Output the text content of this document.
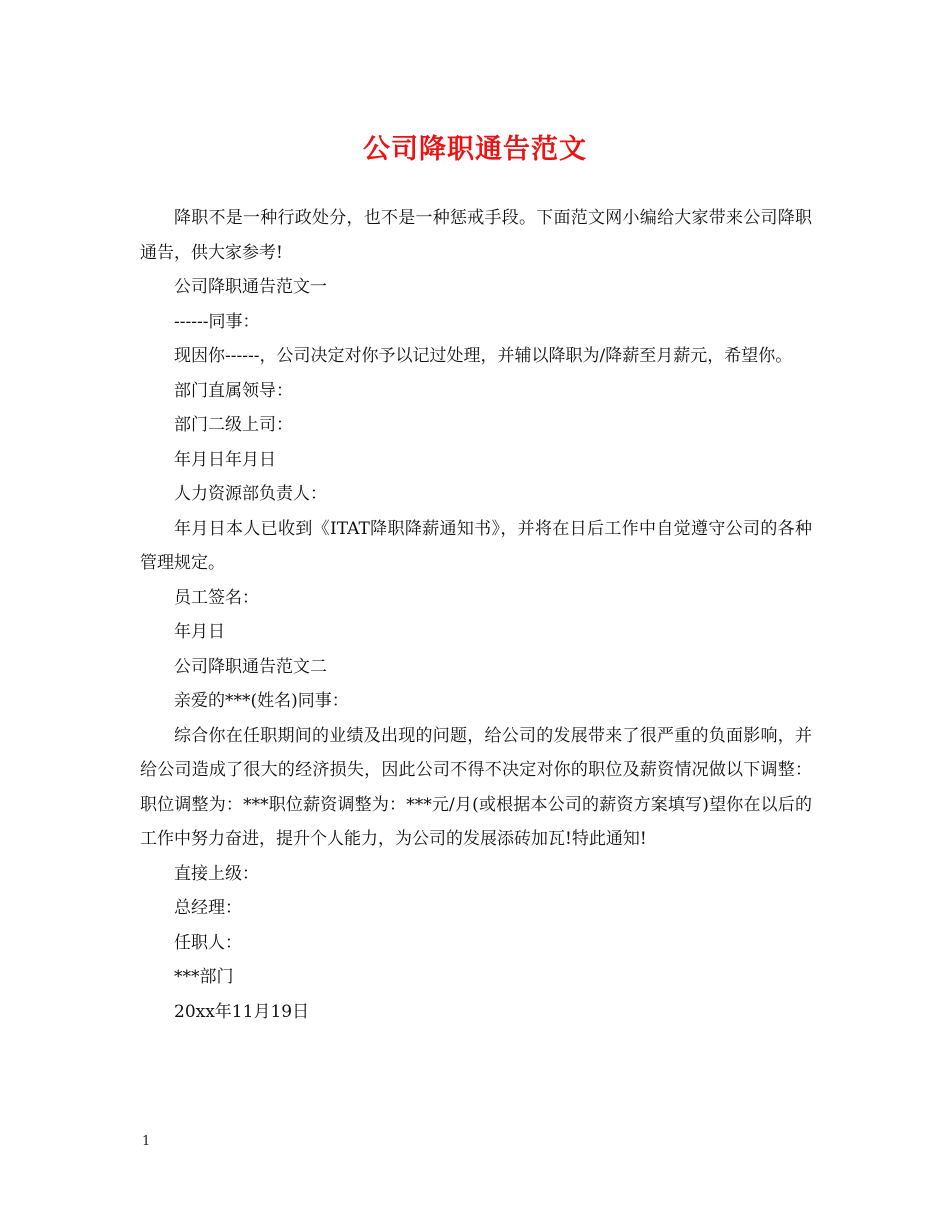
公司降职通告范文

降职不是一种行政处分，也不是一种惩戒手段。下面范文网小编给大家带来公司降职通告，供大家参考!

公司降职通告范文一

------同事：

现因你------，公司决定对你予以记过处理，并辅以降职为/降薪至月薪元，希望你。

部门直属领导：

部门二级上司：

年月日年月日

人力资源部负责人：

年月日本人已收到《ITAT降职降薪通知书》，并将在日后工作中自觉遵守公司的各种管理规定。

员工签名：

年月日

公司降职通告范文二

亲爱的***(姓名)同事：

综合你在任职期间的业绩及出现的问题，给公司的发展带来了很严重的负面影响，并给公司造成了很大的经济损失，因此公司不得不决定对你的职位及薪资情况做以下调整：职位调整为：***职位薪资调整为：***元/月(或根据本公司的薪资方案填写)望你在以后的工作中努力奋进，提升个人能力，为公司的发展添砖加瓦!特此通知!

直接上级：

总经理：

任职人：

***部门

20xx年11月19日

1
